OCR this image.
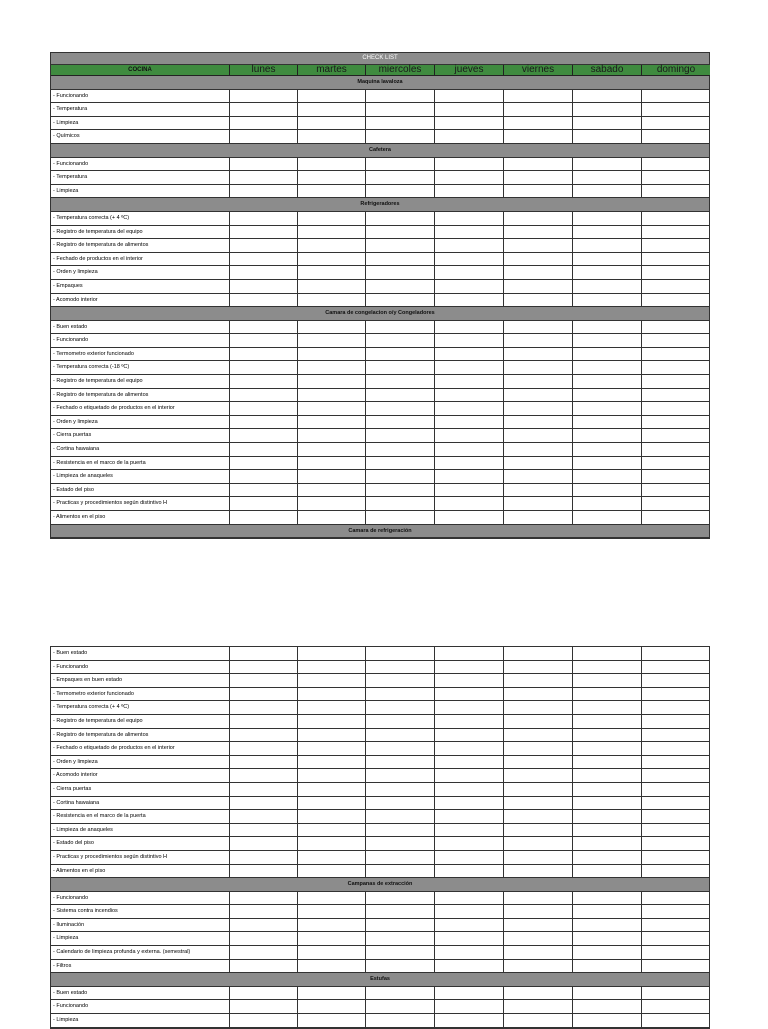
CHECK LIST
COCINA	lunes	martes	miercoles	jueves	viernes	sabado	domingo
Maquina lavaloza
- Funcionando
- Temperatura
- Limpieza
- Químicos
Cafetera
- Funcionando
- Temperatura
- Limpieza
Refrigeradores
- Temperatura correcta (+ 4 ºC)
- Registro de temperatura del equipo
- Registro de temperatura de alimentos
- Fechado de productos en el interior
- Orden y limpieza
- Empaques
- Acomodo interior
Camara de congelacion o/y Congeladores
- Buen estado
- Funcionando
- Termometro exterior funcionado
- Temperatura correcta (-18 ºC)
- Registro de temperatura del equipo
- Registro de temperatura de alimentos
- Fechado o etiquetado de productos en el interior
- Orden y limpieza
- Cierra puertas
- Cortina hawaiana
- Resistencia en el marco de la puerta
- Limpieza de anaqueles
- Estado del piso
- Practicas y procedimientos según distintivo H
- Alimentos en el piso
Camara de refrigeración
- Buen estado
- Funcionando
- Empaques en buen estado
- Termometro exterior funcionado
- Temperatura correcta (+ 4 ºC)
- Registro de temperatura del equipo
- Registro de temperatura de alimentos
- Fechado o etiquetado de productos en el interior
- Orden y limpieza
- Acomodo interior
- Cierra puertas
- Cortina hawaiana
- Resistencia en el marco de la puerta
- Limpieza de anaqueles
- Estado del piso
- Practicas y procedimientos según distintivo H
- Alimentos en el piso
Campanas de extracción
- Funcionando
- Sistema contra incendios
- Iluminación
- Limpieza
- Calendario de limpieza profunda y externa. (semestral)
- Filtros
Estufas
- Buen estado
- Funcionando
- Limpieza
